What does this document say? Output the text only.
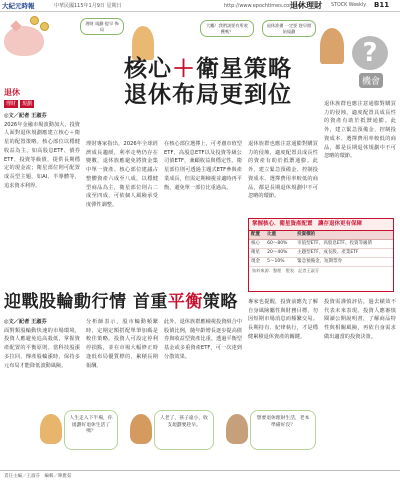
大紀元時報	中華民國115年1月9日 星期日	http://www.epochtimes.com.tw
退休理財 STOCK Weekly B11
理財 規劃 提早 佈局
大鵬！我們該要有所收穫嗎？
退休准備 一定要 趁早開始規劃
?
機會
核心＋衛星策略
退休布局更到位
退休
理財	規劃

◎文／記者 王淑芬

2026年金融市場波動加大，投資人面對退休規劃應建立核心＋衛星的配置策略。核心部位以穩健收益為主，如高股息ETF、債券ETF、投資等級債，提供長期穩定的現金流；衛星部位則可配置成長型主題，如AI、半導體等，追求資本利得。

理財專家指出，2026年全球經濟成長趨緩，利率走勢仍存在變數，退休族應避免將資金集中單一資產。核心部位建議占整體資產六成至八成，以穩健型商品為主，衛星部位則占二成至四成，可依個人風險承受度彈性調整。

在核心部位選擇上，可考慮市值型ETF、高股息ETF以及投資等級公司債ETF，兼顧收益與穩定性。衛星部位則可透過主題式ETF參與產業成長，但需定期檢視並適時再平衡，避免單一部位比重過高。

退休族群也應注意通膨對購買力的侵蝕，適度配置具成長性的資產有助於抵禦通膨。此外，建立緊急預備金、控制投資成本、選擇費用率較低的商品，都是長期退休規劃中不可忽略的環節。

退休族群也應注意通膨對購買力的侵蝕，適度配置具成長性的資產有助於抵禦通膨。此外，建立緊急預備金、控制投資成本、選擇費用率較低的商品，都是長期退休規劃中不可忽略的環節。

掌握核心．衛星資產配置　讓存退休更有保障
配置	比重	投資標的
核心	60～80%	市值型ETF、高股息ETF、投資等級債
衛星	20～40%	主題型ETF、成長股、產業ETF
現金	5～10%	緊急預備金、短期票券
資料來源：整理　製表：記者王淑芬
迎戰股輪動行情 首重平衡策略

◎文／記者 王淑芬

面對類股輪動快速的市場環境，投資人應避免追高殺低，掌握資產配置的平衡原則。當科技股漲多拉回、傳產股輪漲時，保持多元布局才能降低波動風險。

分析師表示，股市輪動頻繁時，定期定額搭配單筆加碼是較佳策略。投資人可設定停利停損點，並在市場大幅修正時逢低布局優質標的，累積長期報酬。

此外，退休族群應檢視投資組合中股債比例，隨年齡增長逐步提高債券與收益型資產比重。透過平衡型基金或多重資產ETF，可一次達到分散效果。

專家也提醒，投資前應先了解自身風險屬性與財務目標，勿因短期市場消息而頻繁交易。長期持有、紀律執行，才是穩健累積退休資產的關鍵。

投資需謹慎評估，過去績效不代表未來表現。投資人應審慎閱讀公開說明書，了解商品特性與相關風險，再依自身需求做出適當的投資決策。

人生走入下半場，你規劃好退休生活了嗎？
人老了，孩子遠小，收支規劃要趁早。
想要退休理財生活，老本準備好沒？
責任主編／王淑芬　編輯／陳雅茹
